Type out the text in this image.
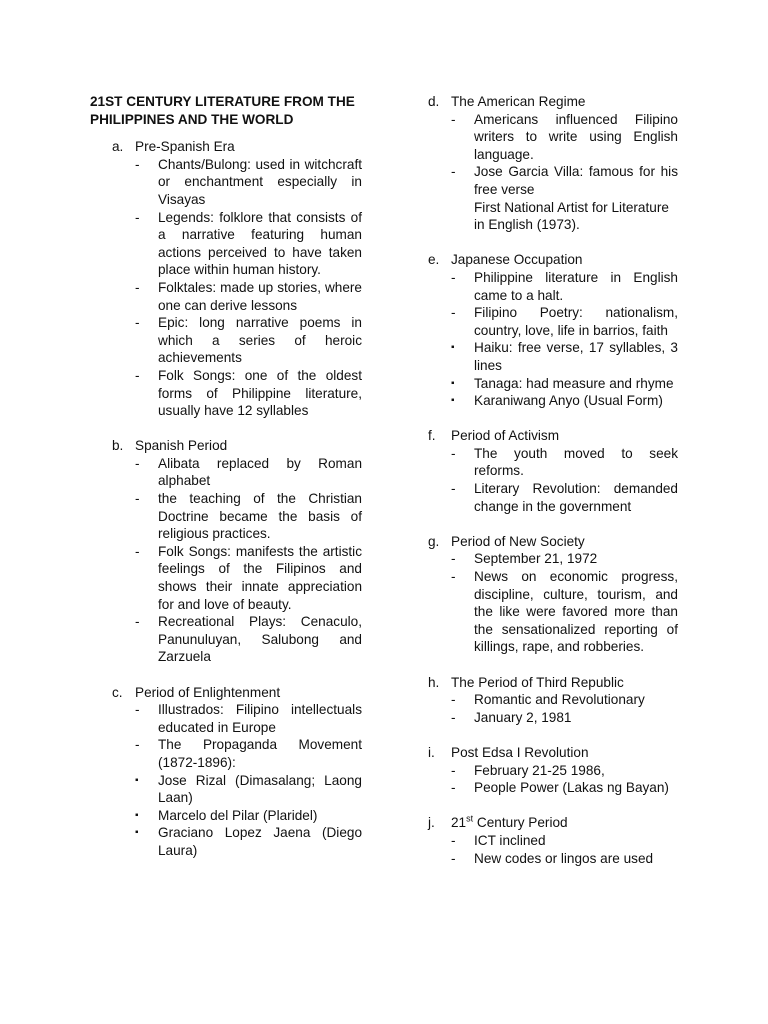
21ST CENTURY LITERATURE FROM THE PHILIPPINES AND THE WORLD
a. Pre-Spanish Era
-	Chants/Bulong: used in witchcraft or enchantment especially in Visayas
-	Legends: folklore that consists of a narrative featuring human actions perceived to have taken place within human history.
-	Folktales: made up stories, where one can derive lessons
-	Epic: long narrative poems in which a series of heroic achievements
-	Folk Songs: one of the oldest forms of Philippine literature, usually have 12 syllables
b. Spanish Period
-	Alibata replaced by Roman alphabet
-	the teaching of the Christian Doctrine became the basis of religious practices.
-	Folk Songs: manifests the artistic feelings of the Filipinos and shows their innate appreciation for and love of beauty.
-	Recreational Plays: Cenaculo, Panunuluyan, Salubong and Zarzuela
c. Period of Enlightenment
-	Illustrados: Filipino intellectuals educated in Europe
-	The Propaganda Movement (1872-1896):
▪	Jose Rizal (Dimasalang; Laong Laan)
▪	Marcelo del Pilar (Plaridel)
▪	Graciano Lopez Jaena (Diego Laura)
d. The American Regime
-	Americans influenced Filipino writers to write using English language.
-	Jose Garcia Villa: famous for his free verse
First National Artist for Literature in English (1973).
e. Japanese Occupation
-	Philippine literature in English came to a halt.
-	Filipino Poetry: nationalism, country, love, life in barrios, faith
▪	Haiku: free verse, 17 syllables, 3 lines
▪	Tanaga: had measure and rhyme
▪	Karaniwang Anyo (Usual Form)
f.	Period of Activism
-	The youth moved to seek reforms.
-	Literary Revolution: demanded change in the government
g. Period of New Society
-	September 21, 1972
-	News on economic progress, discipline, culture, tourism, and the like were favored more than the sensationalized reporting of killings, rape, and robberies.
h. The Period of Third Republic
-	Romantic and Revolutionary
-	January 2, 1981
i.	Post Edsa I Revolution
-	February 21-25 1986,
-	People Power (Lakas ng Bayan)
j.	21st Century Period
-	ICT inclined
-	New codes or lingos are used
